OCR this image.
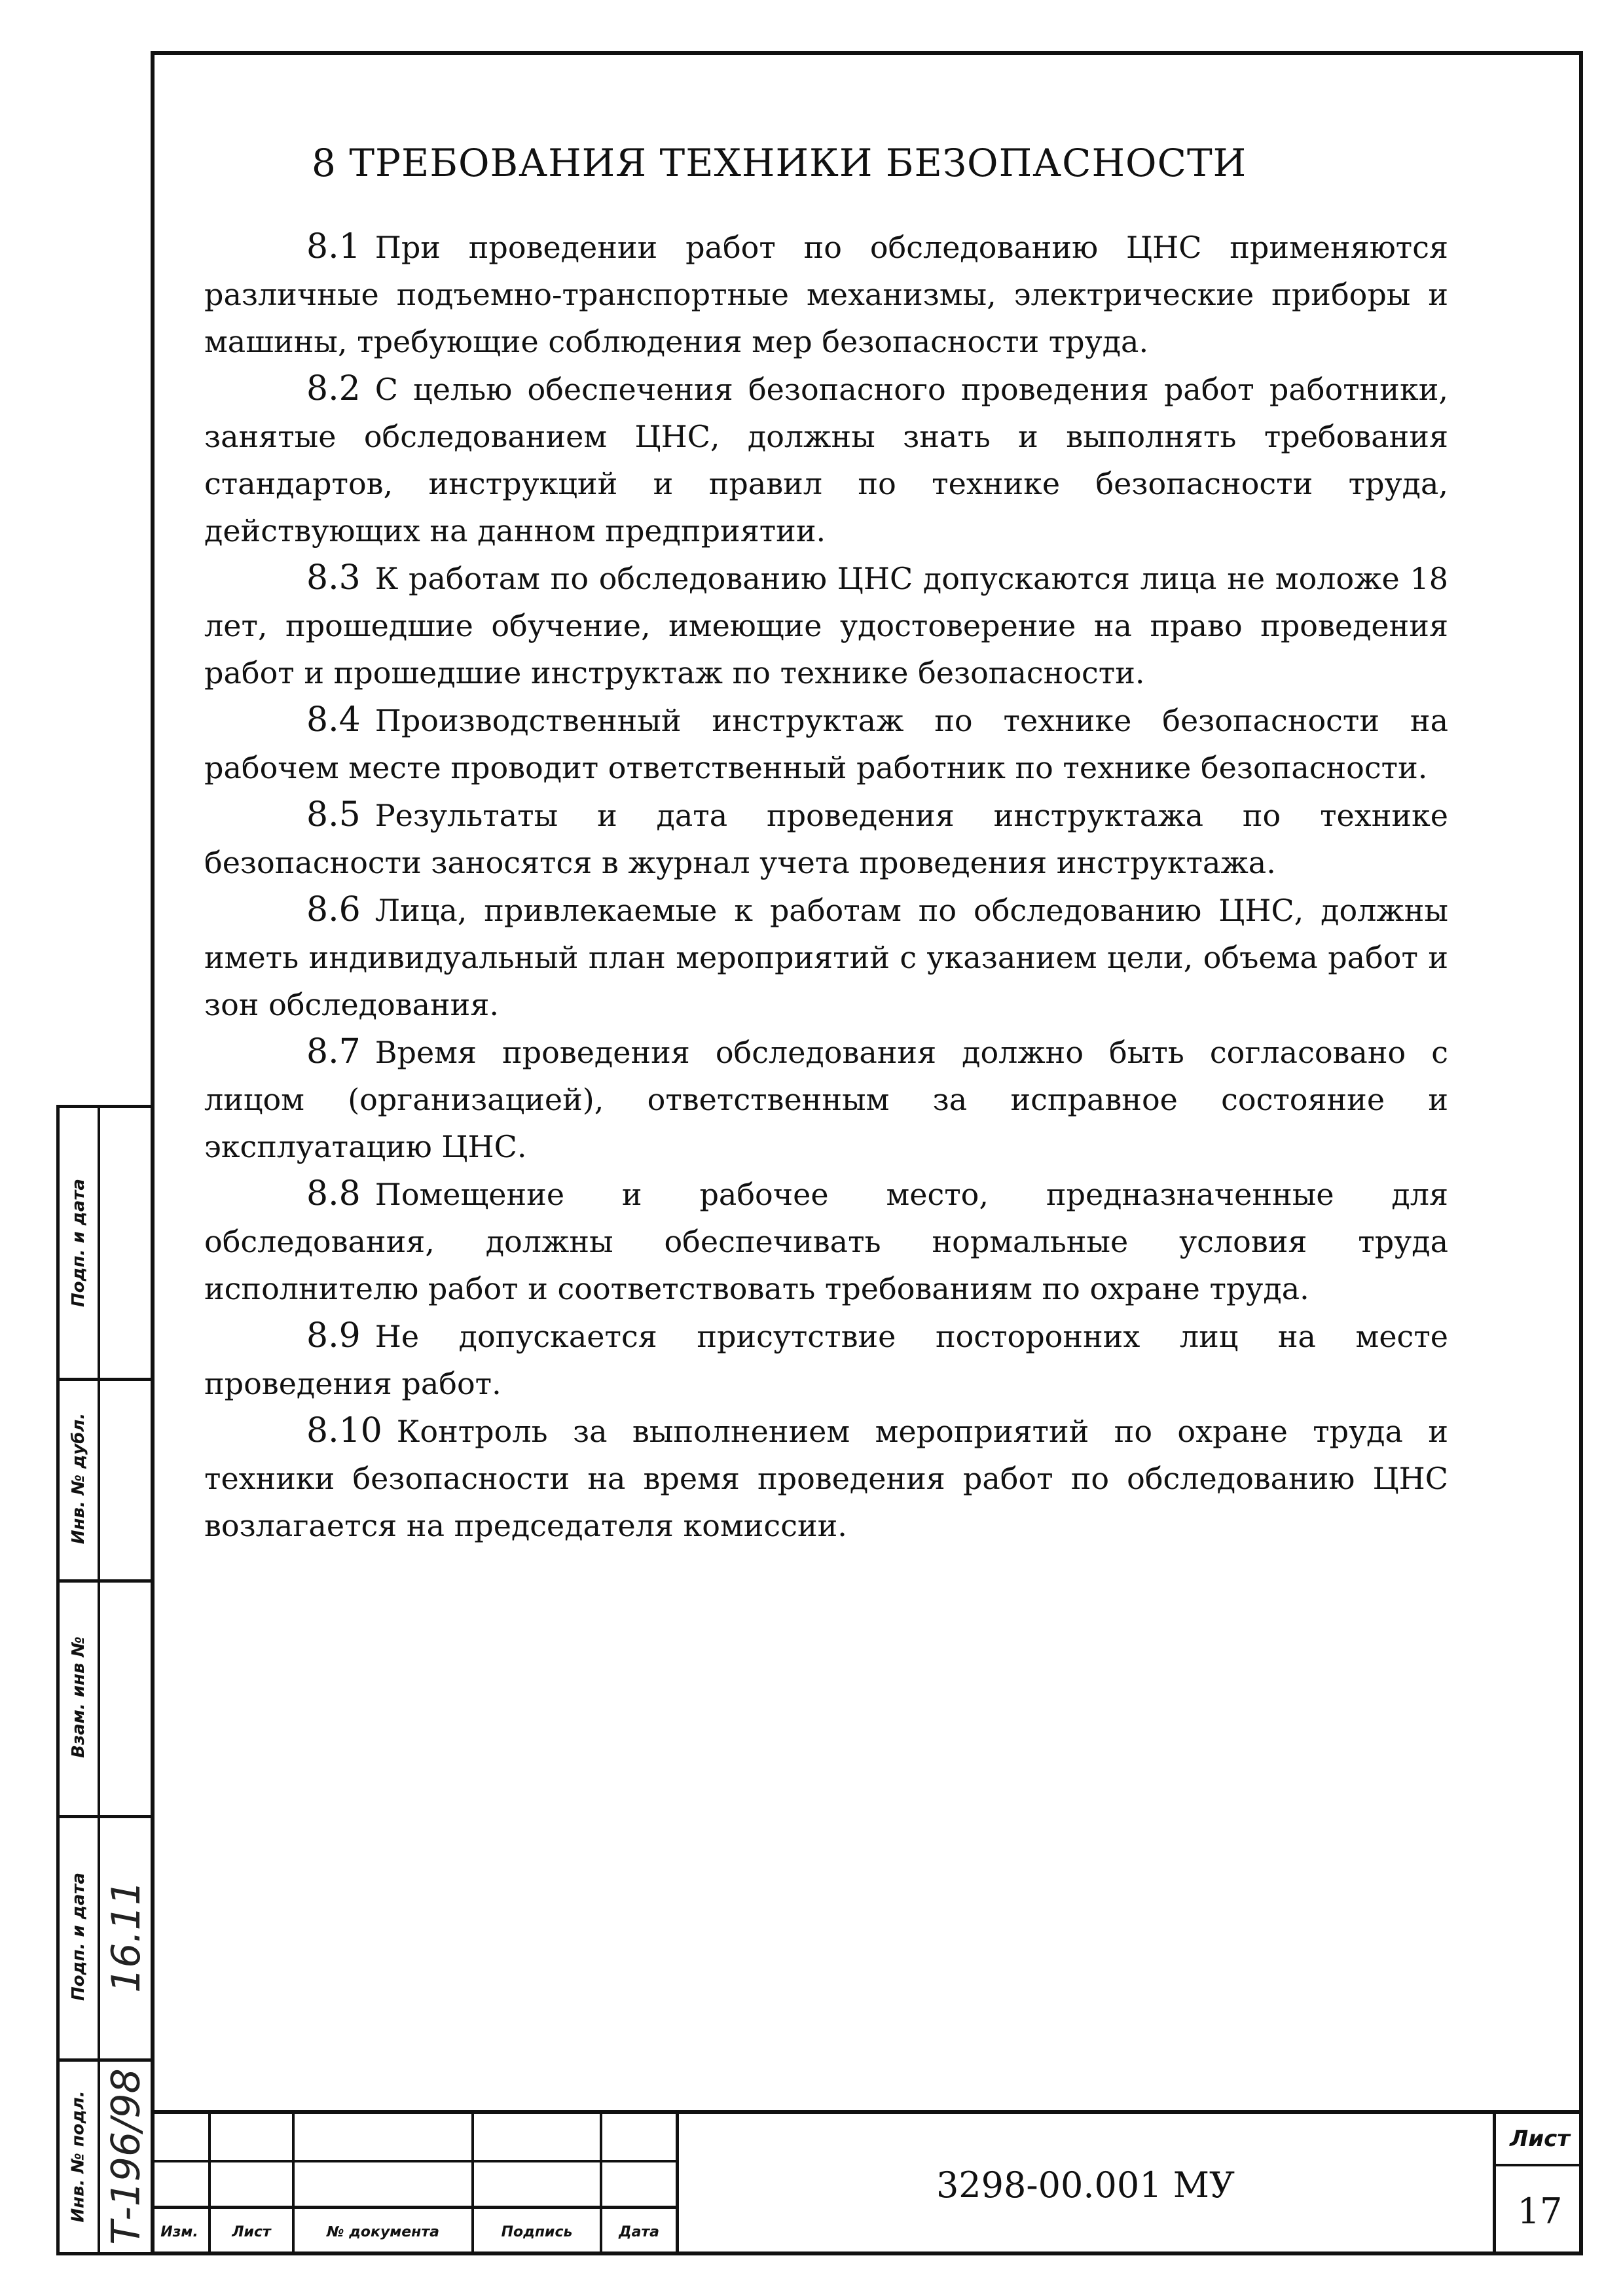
8 ТРЕБОВАНИЯ ТЕХНИКИ БЕЗОПАСНОСТИ

8.1 При проведении работ по обследованию ЦНС применяются различные подъемно-транспортные механизмы, электрические приборы и машины, требующие соблюдения мер безопасности труда.

8.2 С целью обеспечения безопасного проведения работ работники, занятые обследованием ЦНС, должны знать и выполнять требования стандартов, инструкций и правил по технике безопасности труда, действующих на данном предприятии.

8.3 К работам по обследованию ЦНС допускаются лица не моложе 18 лет, прошедшие обучение, имеющие удостоверение на право проведения работ и прошедшие инструктаж по технике безопасности.

8.4 Производственный инструктаж по технике безопасности на рабочем месте проводит ответственный работник по технике безопасности.

8.5 Результаты и дата проведения инструктажа по технике безопасности заносятся в журнал учета проведения инструктажа.

8.6 Лица, привлекаемые к работам по обследованию ЦНС, должны иметь индивидуальный план мероприятий с указанием цели, объема работ и зон обследования.

8.7 Время проведения обследования должно быть согласовано с лицом (организацией), ответственным за исправное состояние и эксплуатацию ЦНС.

8.8 Помещение и рабочее место, предназначенные для обследования, должны обеспечивать нормальные условия труда исполнителю работ и соответствовать требованиям по охране труда.

8.9 Не допускается присутствие посторонних лиц на месте проведения работ.

8.10 Контроль за выполнением мероприятий по охране труда и техники безопасности на время проведения работ по обследованию ЦНС возлагается на председателя комиссии.

Подп. и дата
Инв. № дубл.
Взам. инв №
Подп. и дата
Инв. № подл.
16.11
Т-196/98 Изм.	Лист	№ документа	Подпись	Дата
3298-00.001 МУ
Лист
17
